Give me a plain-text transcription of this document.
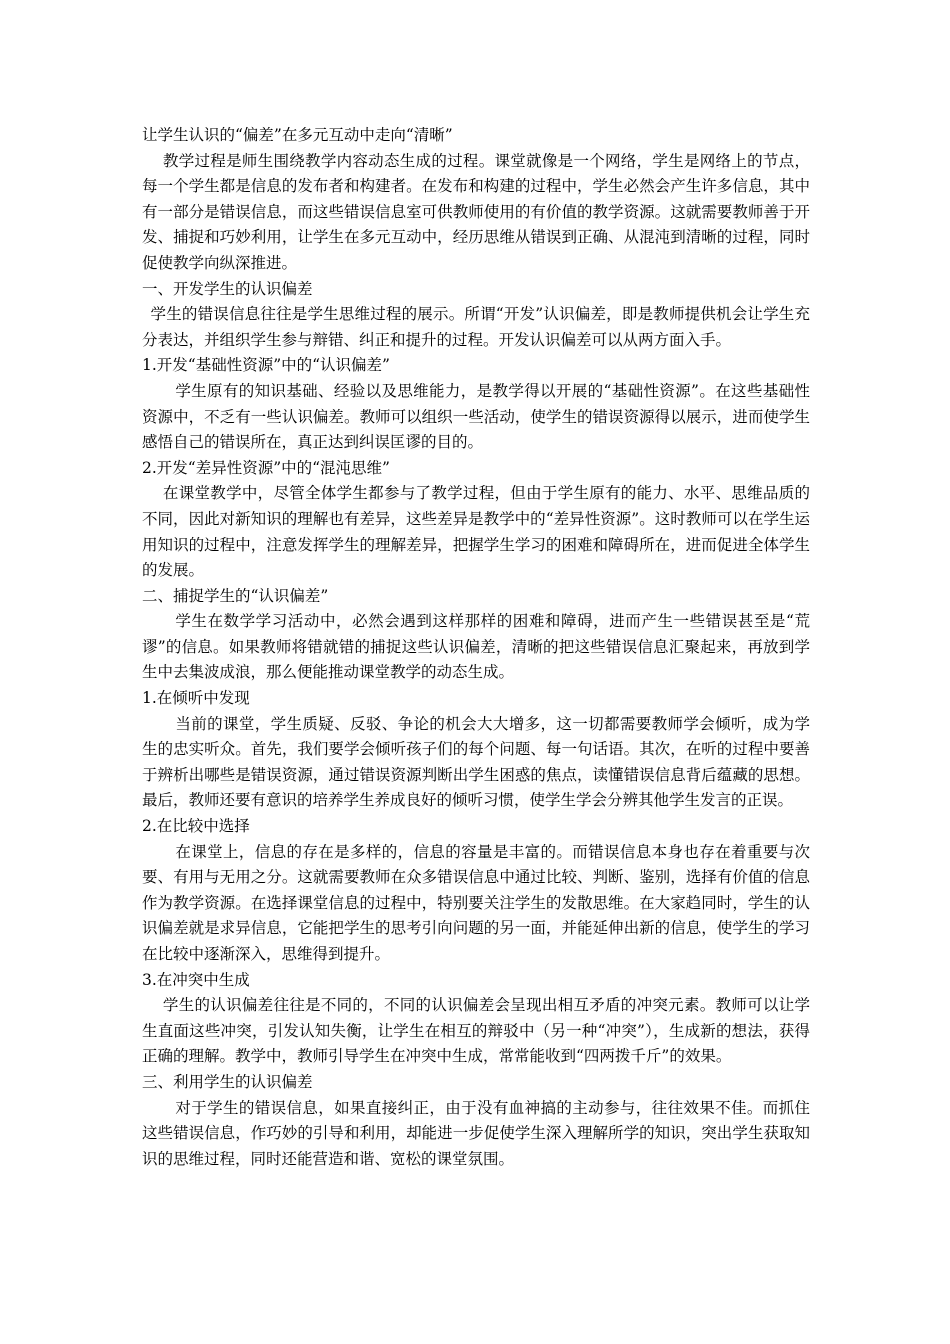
让学生认识的“偏差”在多元互动中走向“清晰”

教学过程是师生围绕教学内容动态生成的过程。课堂就像是一个网络，学生是网络上的节点，每一个学生都是信息的发布者和构建者。在发布和构建的过程中，学生必然会产生许多信息，其中有一部分是错误信息，而这些错误信息室可供教师使用的有价值的教学资源。这就需要教师善于开发、捕捉和巧妙利用，让学生在多元互动中，经历思维从错误到正确、从混沌到清晰的过程，同时促使教学向纵深推进。

一、开发学生的认识偏差

学生的错误信息往往是学生思维过程的展示。所谓“开发”认识偏差，即是教师提供机会让学生充分表达，并组织学生参与辩错、纠正和提升的过程。开发认识偏差可以从两方面入手。

1.开发“基础性资源”中的“认识偏差”

学生原有的知识基础、经验以及思维能力，是教学得以开展的“基础性资源”。在这些基础性资源中，不乏有一些认识偏差。教师可以组织一些活动，使学生的错误资源得以展示，进而使学生感悟自己的错误所在，真正达到纠误匡谬的目的。

2.开发“差异性资源”中的“混沌思维”

在课堂教学中，尽管全体学生都参与了教学过程，但由于学生原有的能力、水平、思维品质的不同，因此对新知识的理解也有差异，这些差异是教学中的“差异性资源”。这时教师可以在学生运用知识的过程中，注意发挥学生的理解差异，把握学生学习的困难和障碍所在，进而促进全体学生的发展。

二、捕捉学生的“认识偏差”

学生在数学学习活动中，必然会遇到这样那样的困难和障碍，进而产生一些错误甚至是“荒谬”的信息。如果教师将错就错的捕捉这些认识偏差，清晰的把这些错误信息汇聚起来，再放到学生中去集波成浪，那么便能推动课堂教学的动态生成。

1.在倾听中发现

当前的课堂，学生质疑、反驳、争论的机会大大增多，这一切都需要教师学会倾听，成为学生的忠实听众。首先，我们要学会倾听孩子们的每个问题、每一句话语。其次，在听的过程中要善于辨析出哪些是错误资源，通过错误资源判断出学生困惑的焦点，读懂错误信息背后蕴藏的思想。最后，教师还要有意识的培养学生养成良好的倾听习惯，使学生学会分辨其他学生发言的正误。

2.在比较中选择

在课堂上，信息的存在是多样的，信息的容量是丰富的。而错误信息本身也存在着重要与次要、有用与无用之分。这就需要教师在众多错误信息中通过比较、判断、鉴别，选择有价值的信息作为教学资源。在选择课堂信息的过程中，特别要关注学生的发散思维。在大家趋同时，学生的认识偏差就是求异信息，它能把学生的思考引向问题的另一面，并能延伸出新的信息，使学生的学习在比较中逐渐深入，思维得到提升。

3.在冲突中生成

学生的认识偏差往往是不同的，不同的认识偏差会呈现出相互矛盾的冲突元素。教师可以让学生直面这些冲突，引发认知失衡，让学生在相互的辩驳中（另一种“冲突”），生成新的想法，获得正确的理解。教学中，教师引导学生在冲突中生成，常常能收到“四两拨千斤”的效果。

三、利用学生的认识偏差

对于学生的错误信息，如果直接纠正，由于没有血神搞的主动参与，往往效果不佳。而抓住这些错误信息，作巧妙的引导和利用，却能进一步促使学生深入理解所学的知识，突出学生获取知识的思维过程，同时还能营造和谐、宽松的课堂氛围。
